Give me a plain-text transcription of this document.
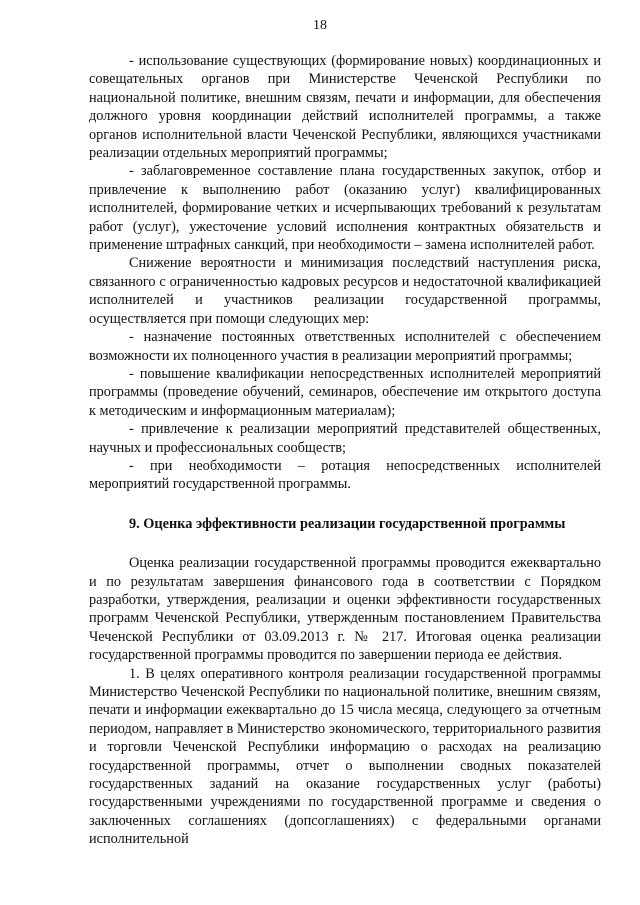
18

- использование существующих (формирование новых) координационных и совещательных органов при Министерстве Чеченской Республики по национальной политике, внешним связям, печати и информации, для обеспечения должного уровня координации действий исполнителей программы, а также органов исполнительной власти Чеченской Республики, являющихся участниками реализации отдельных мероприятий программы;

- заблаговременное составление плана государственных закупок, отбор и привлечение к выполнению работ (оказанию услуг) квалифицированных исполнителей, формирование четких и исчерпывающих требований к результатам работ (услуг), ужесточение условий исполнения контрактных обязательств и применение штрафных санкций, при необходимости – замена исполнителей работ.

Снижение вероятности и минимизация последствий наступления риска, связанного с ограниченностью кадровых ресурсов и недостаточной квалификацией исполнителей и участников реализации государственной программы, осуществляется при помощи следующих мер:

- назначение постоянных ответственных исполнителей с обеспечением возможности их полноценного участия в реализации мероприятий программы;

- повышение квалификации непосредственных исполнителей мероприятий программы (проведение обучений, семинаров, обеспечение им открытого доступа к методическим и информационным материалам);

- привлечение к реализации мероприятий представителей общественных, научных и профессиональных сообществ;

- при необходимости – ротация непосредственных исполнителей мероприятий государственной программы.

9. Оценка эффективности реализации государственной программы

Оценка реализации государственной программы проводится ежеквартально и по результатам завершения финансового года в соответствии с Порядком разработки, утверждения, реализации и оценки эффективности государственных программ Чеченской Республики, утвержденным постановлением Правительства Чеченской Республики от 03.09.2013 г. № 217. Итоговая оценка реализации государственной программы проводится по завершении периода ее действия.

1. В целях оперативного контроля реализации государственной программы Министерство Чеченской Республики по национальной политике, внешним связям, печати и информации ежеквартально до 15 числа месяца, следующего за отчетным периодом, направляет в Министерство экономического, территориального развития и торговли Чеченской Республики информацию о расходах на реализацию государственной программы, отчет о выполнении сводных показателей государственных заданий на оказание государственных услуг (работы) государственными учреждениями по государственной программе и сведения о заключенных соглашениях (допсоглашениях) с федеральными органами исполнительной
